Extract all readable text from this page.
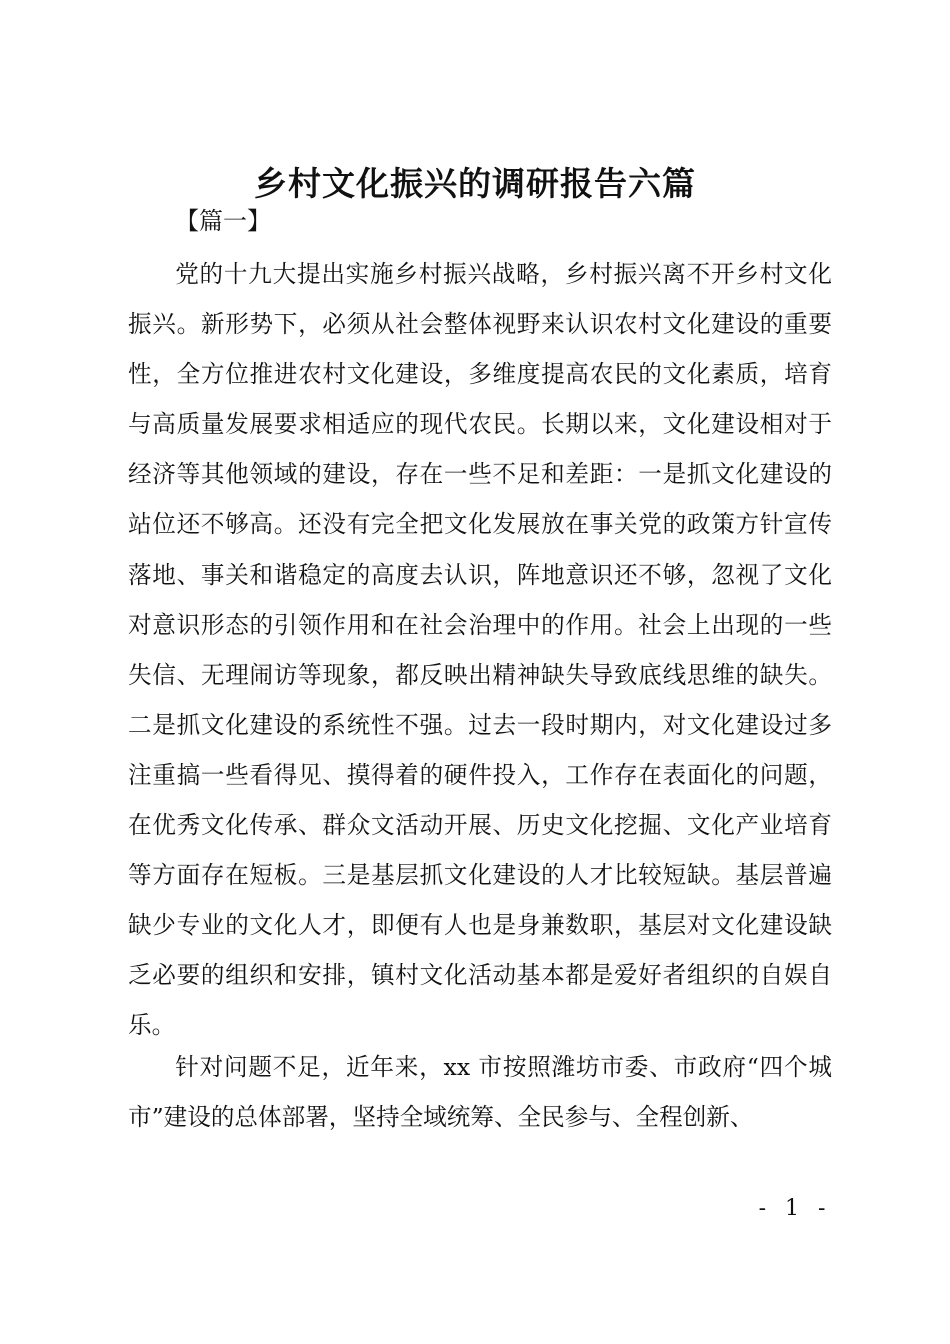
乡村文化振兴的调研报告六篇
【篇一】

党的十九大提出实施乡村振兴战略，乡村振兴离不开乡村文化振兴。新形势下，必须从社会整体视野来认识农村文化建设的重要性，全方位推进农村文化建设，多维度提高农民的文化素质，培育与高质量发展要求相适应的现代农民。长期以来，文化建设相对于经济等其他领域的建设，存在一些不足和差距：一是抓文化建设的站位还不够高。还没有完全把文化发展放在事关党的政策方针宣传落地、事关和谐稳定的高度去认识，阵地意识还不够，忽视了文化对意识形态的引领作用和在社会治理中的作用。社会上出现的一些失信、无理闹访等现象，都反映出精神缺失导致底线思维的缺失。二是抓文化建设的系统性不强。过去一段时期内，对文化建设过多注重搞一些看得见、摸得着的硬件投入，工作存在表面化的问题，在优秀文化传承、群众文活动开展、历史文化挖掘、文化产业培育等方面存在短板。三是基层抓文化建设的人才比较短缺。基层普遍缺少专业的文化人才，即便有人也是身兼数职，基层对文化建设缺乏必要的组织和安排，镇村文化活动基本都是爱好者组织的自娱自乐。

针对问题不足，近年来，xx 市按照潍坊市委、市政府“四个城市”建设的总体部署，坚持全域统筹、全民参与、全程创新、

- 1 -
